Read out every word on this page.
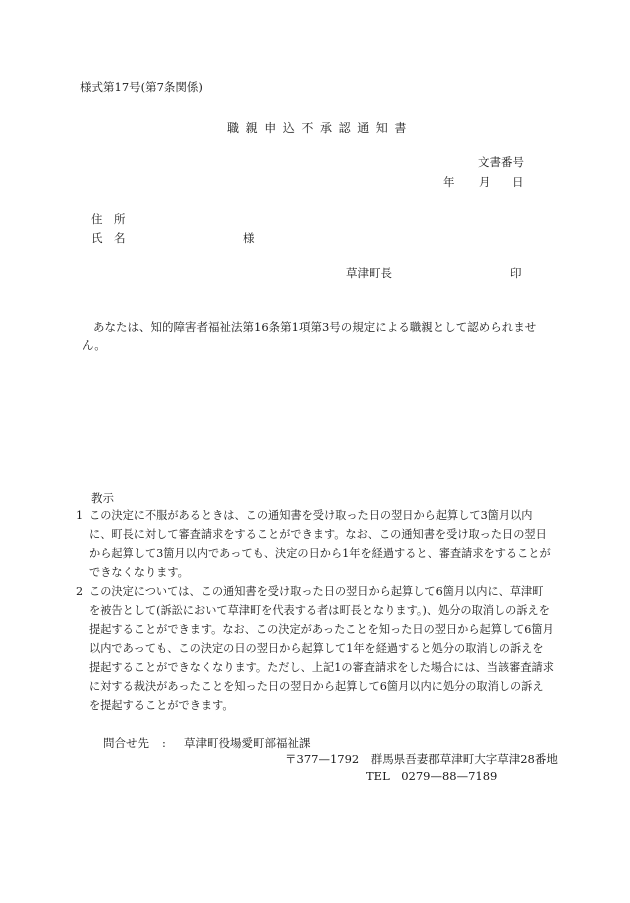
様式第17号(第7条関係)
職親申込不承認通知書
文書番号
年 月 日
住　所
氏　名	様
草津町長	印
あなたは、知的障害者福祉法第16条第1項第3号の規定による職親として認められません。
教示
1 この決定に不服があるときは、この通知書を受け取った日の翌日から起算して3箇月以内に、町長に対して審査請求をすることができます。なお、この通知書を受け取った日の翌日から起算して3箇月以内であっても、決定の日から1年を経過すると、審査請求をすることができなくなります。
2 この決定については、この通知書を受け取った日の翌日から起算して6箇月以内に、草津町を被告として(訴訟において草津町を代表する者は町長となります。)、処分の取消しの訴えを提起することができます。なお、この決定があったことを知った日の翌日から起算して6箇月以内であっても、この決定の日の翌日から起算して1年を経過すると処分の取消しの訴えを提起することができなくなります。ただし、上記1の審査請求をした場合には、当該審査請求に対する裁決があったことを知った日の翌日から起算して6箇月以内に処分の取消しの訴えを提起することができます。
問合せ先 : 草津町役場愛町部福祉課
〒377—1792　群馬県吾妻郡草津町大字草津28番地
TEL　0279—88—7189
